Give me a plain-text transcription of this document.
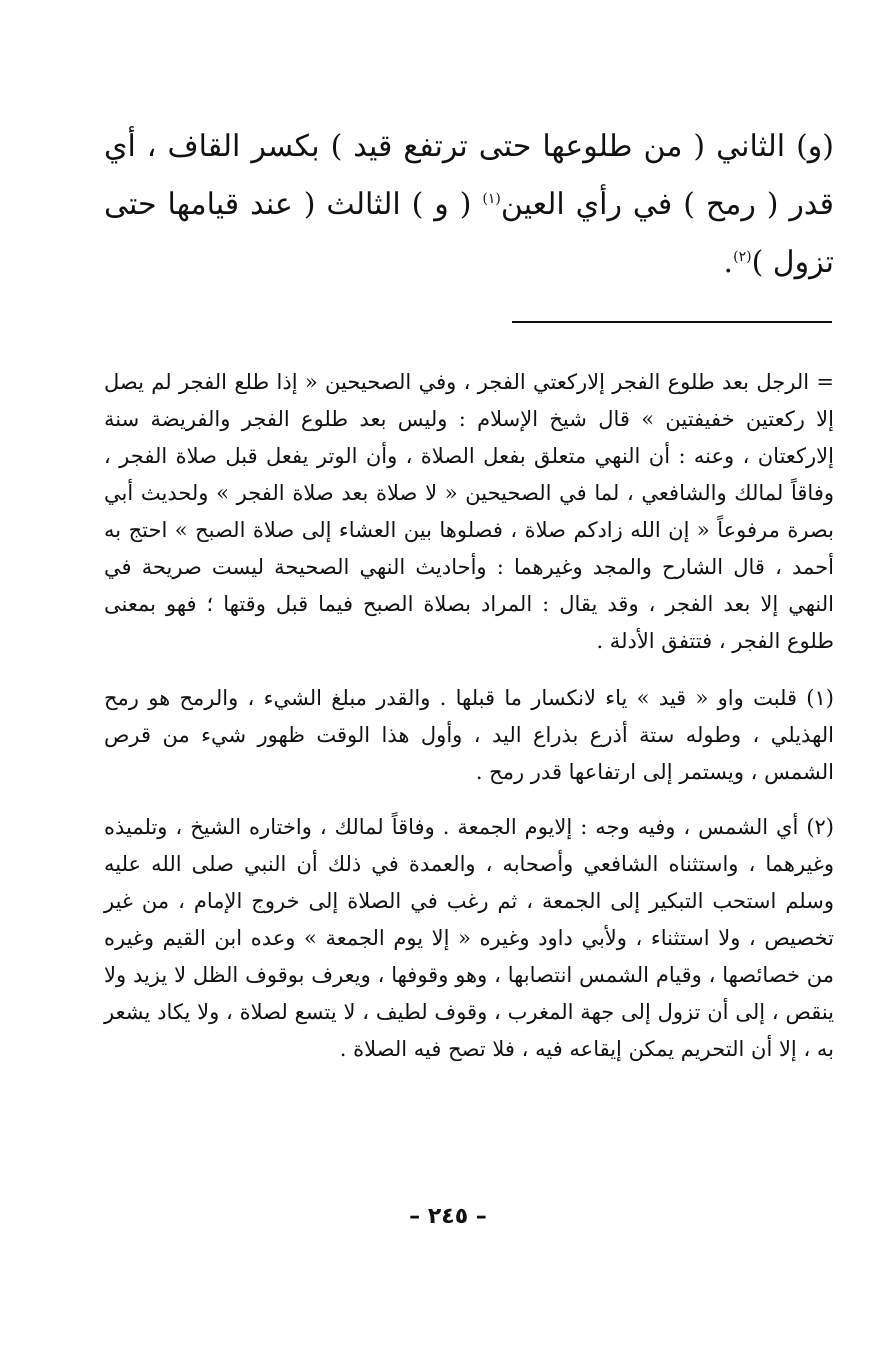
(و) الثاني ( من طلوعها حتى ترتفع قيد ) بكسر القاف ، أي قدر ( رمح ) في رأي العين$^{(١)}$ ( و ) الثالث ( عند قيامها حتى تزول )$^{(٢)}$.

= الرجل بعد طلوع الفجر إلاركعتي الفجر ، وفي الصحيحين « إذا طلع الفجر لم يصل إلا ركعتين خفيفتين » قال شيخ الإسلام : وليس بعد طلوع الفجر والفريضة سنة إلاركعتان ، وعنه : أن النهي متعلق بفعل الصلاة ، وأن الوتر يفعل قبل صلاة الفجر ، وفاقاً لمالك والشافعي ، لما في الصحيحين « لا صلاة بعد صلاة الفجر » ولحديث أبي بصرة مرفوعاً « إن الله زادكم صلاة ، فصلوها بين العشاء إلى صلاة الصبح » احتج به أحمد ، قال الشارح والمجد وغيرهما : وأحاديث النهي الصحيحة ليست صريحة في النهي إلا بعد الفجر ، وقد يقال : المراد بصلاة الصبح فيما قبل وقتها ؛ فهو بمعنى طلوع الفجر ، فتتفق الأدلة .

(١) قلبت واو « قيد » ياء لانكسار ما قبلها . والقدر مبلغ الشيء ، والرمح هو رمح الهذيلي ، وطوله ستة أذرع بذراع اليد ، وأول هذا الوقت ظهور شيء من قرص الشمس ، ويستمر إلى ارتفاعها قدر رمح .

(٢) أي الشمس ، وفيه وجه : إلايوم الجمعة . وفاقاً لمالك ، واختاره الشيخ ، وتلميذه وغيرهما ، واستثناه الشافعي وأصحابه ، والعمدة في ذلك أن النبي صلى الله عليه وسلم استحب التبكير إلى الجمعة ، ثم رغب في الصلاة إلى خروج الإمام ، من غير تخصيص ، ولا استثناء ، ولأبي داود وغيره « إلا يوم الجمعة » وعده ابن القيم وغيره من خصائصها ، وقيام الشمس انتصابها ، وهو وقوفها ، ويعرف بوقوف الظل لا يزيد ولا ينقص ، إلى أن تزول إلى جهة المغرب ، وقوف لطيف ، لا يتسع لصلاة ، ولا يكاد يشعر به ، إلا أن التحريم يمكن إيقاعه فيه ، فلا تصح فيه الصلاة .

– ٢٤٥ –
